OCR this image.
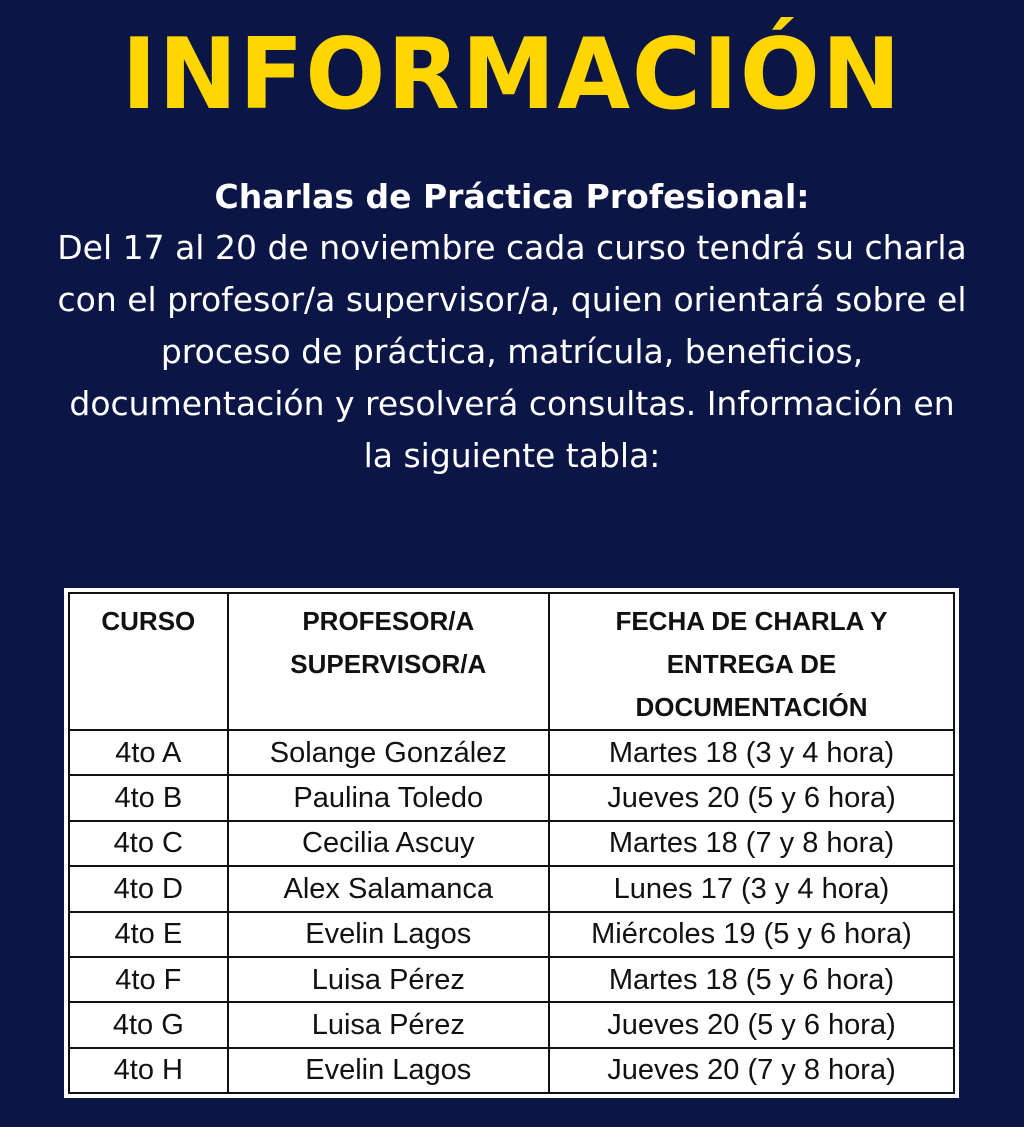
INFORMACIÓN
Charlas de Práctica Profesional:
Del 17 al 20 de noviembre cada curso tendrá su charla con el profesor/a supervisor/a, quien orientará sobre el proceso de práctica, matrícula, beneficios, documentación y resolverá consultas. Información en la siguiente tabla:
CURSO	PROFESOR/A SUPERVISOR/A	FECHA DE CHARLA Y ENTREGA DE DOCUMENTACIÓN
4to A	Solange González	Martes 18 (3 y 4 hora)
4to B	Paulina Toledo	Jueves 20 (5 y 6 hora)
4to C	Cecilia Ascuy	Martes 18 (7 y 8 hora)
4to D	Alex Salamanca	Lunes 17 (3 y 4 hora)
4to E	Evelin Lagos	Miércoles 19 (5 y 6 hora)
4to F	Luisa Pérez	Martes 18 (5 y 6 hora)
4to G	Luisa Pérez	Jueves 20 (5 y 6 hora)
4to H	Evelin Lagos	Jueves 20 (7 y 8 hora)
